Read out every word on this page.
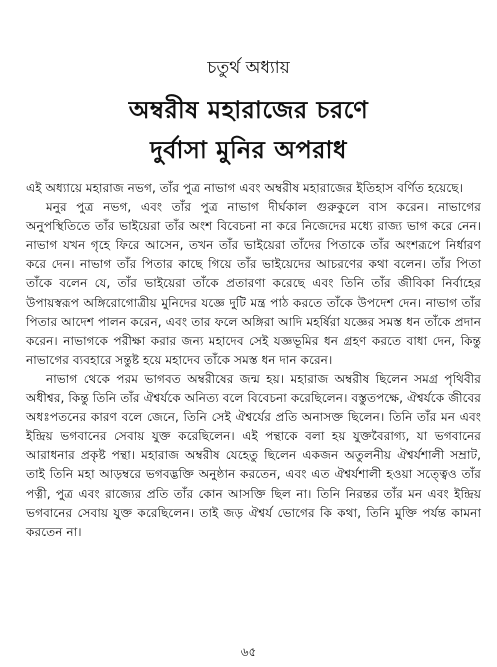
চতুর্থ অধ্যায়
অম্বরীষ মহারাজের চরণে
দুর্বাসা মুনির অপরাধ

এই অধ্যায়ে মহারাজ নভগ, তাঁর পুত্র নাভাগ এবং অম্বরীষ মহারাজের ইতিহাস বর্ণিত হয়েছে।

মনুর পুত্র নভগ, এবং তাঁর পুত্র নাভাগ দীর্ঘকাল গুরুকুলে বাস করেন। নাভাগের অনুপস্থিতিতে তাঁর ভাইয়েরা তাঁর অংশ বিবেচনা না করে নিজেদের মধ্যে রাজ্য ভাগ করে নেন। নাভাগ যখন গৃহে ফিরে আসেন, তখন তাঁর ভাইয়েরা তাঁদের পিতাকে তাঁর অংশরূপে নির্ধারণ করে দেন। নাভাগ তাঁর পিতার কাছে গিয়ে তাঁর ভাইয়েদের আচরণের কথা বলেন। তাঁর পিতা তাঁকে বলেন যে, তাঁর ভাইয়েরা তাঁকে প্রতারণা করেছে এবং তিনি তাঁর জীবিকা নির্বাহের উপায়স্বরূপ অঙ্গিরোগোত্রীয় মুনিদের যজ্ঞে দুটি মন্ত্র পাঠ করতে তাঁকে উপদেশ দেন। নাভাগ তাঁর পিতার আদেশ পালন করেন, এবং তার ফলে অঙ্গিরা আদি মহর্ষিরা যজ্ঞের সমস্ত ধন তাঁকে প্রদান করেন। নাভাগকে পরীক্ষা করার জন্য মহাদেব সেই যজ্ঞভূমির ধন গ্রহণ করতে বাধা দেন, কিন্তু নাভাগের ব্যবহারে সন্তুষ্ট হয়ে মহাদেব তাঁকে সমস্ত ধন দান করেন।

নাভাগ থেকে পরম ভাগবত অম্বরীষের জন্ম হয়। মহারাজ অম্বরীষ ছিলেন সমগ্র পৃথিবীর অধীশ্বর, কিন্তু তিনি তাঁর ঐশ্বর্যকে অনিত্য বলে বিবেচনা করেছিলেন। বস্তুতপক্ষে, ঐশ্বর্যকে জীবের অধঃপতনের কারণ বলে জেনে, তিনি সেই ঐশ্বর্যের প্রতি অনাসক্ত ছিলেন। তিনি তাঁর মন এবং ইন্দ্রিয় ভগবানের সেবায় যুক্ত করেছিলেন। এই পন্থাকে বলা হয় যুক্তবৈরাগ্য, যা ভগবানের আরাধনার প্রকৃষ্ট পন্থা। মহারাজ অম্বরীষ যেহেতু ছিলেন একজন অতুলনীয় ঐশ্বর্যশালী সম্রাট, তাই তিনি মহা আড়ম্বরে ভগবদ্ভক্তি অনুষ্ঠান করতেন, এবং এত ঐশ্বর্যশালী হওয়া সত্ত্বেও তাঁর পত্নী, পুত্র এবং রাজ্যের প্রতি তাঁর কোন আসক্তি ছিল না। তিনি নিরন্তর তাঁর মন এবং ইন্দ্রিয় ভগবানের সেবায় যুক্ত করেছিলেন। তাই জড় ঐশ্বর্য ভোগের কি কথা, তিনি মুক্তি পর্যন্ত কামনা করতেন না।

৬৫
